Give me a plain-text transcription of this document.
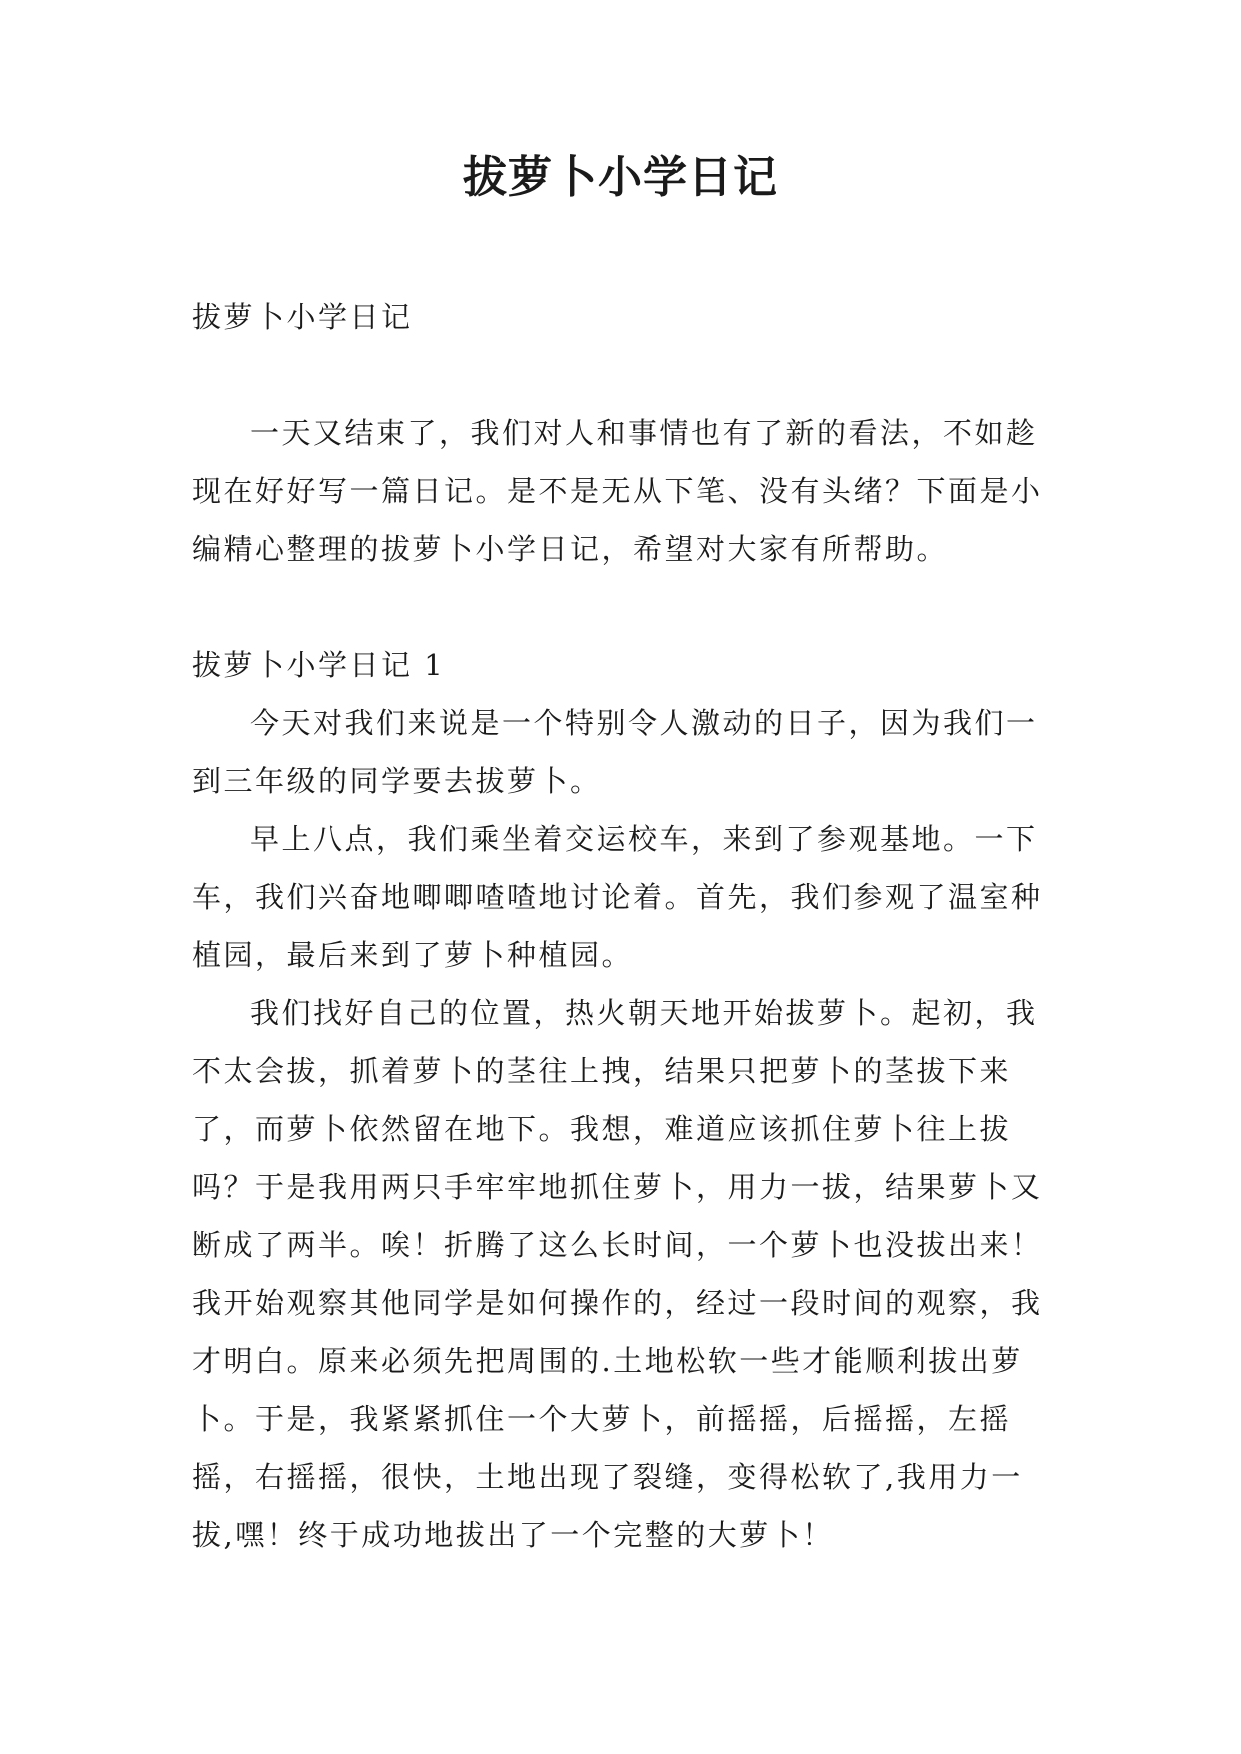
拔萝卜小学日记

拔萝卜小学日记

一天又结束了，我们对人和事情也有了新的看法，不如趁现在好好写一篇日记。是不是无从下笔、没有头绪？下面是小编精心整理的拔萝卜小学日记，希望对大家有所帮助。

拔萝卜小学日记 1

今天对我们来说是一个特别令人激动的日子，因为我们一到三年级的同学要去拔萝卜。

早上八点，我们乘坐着交运校车，来到了参观基地。一下车，我们兴奋地唧唧喳喳地讨论着。首先，我们参观了温室种植园，最后来到了萝卜种植园。

我们找好自己的位置，热火朝天地开始拔萝卜。起初，我不太会拔，抓着萝卜的茎往上拽，结果只把萝卜的茎拔下来了，而萝卜依然留在地下。我想，难道应该抓住萝卜往上拔吗？于是我用两只手牢牢地抓住萝卜，用力一拔，结果萝卜又断成了两半。唉！折腾了这么长时间，一个萝卜也没拔出来！我开始观察其他同学是如何操作的，经过一段时间的观察，我才明白。原来必须先把周围的.土地松软一些才能顺利拔出萝卜。于是，我紧紧抓住一个大萝卜，前摇摇，后摇摇，左摇摇，右摇摇，很快，土地出现了裂缝，变得松软了,我用力一拔,嘿！终于成功地拔出了一个完整的大萝卜！
